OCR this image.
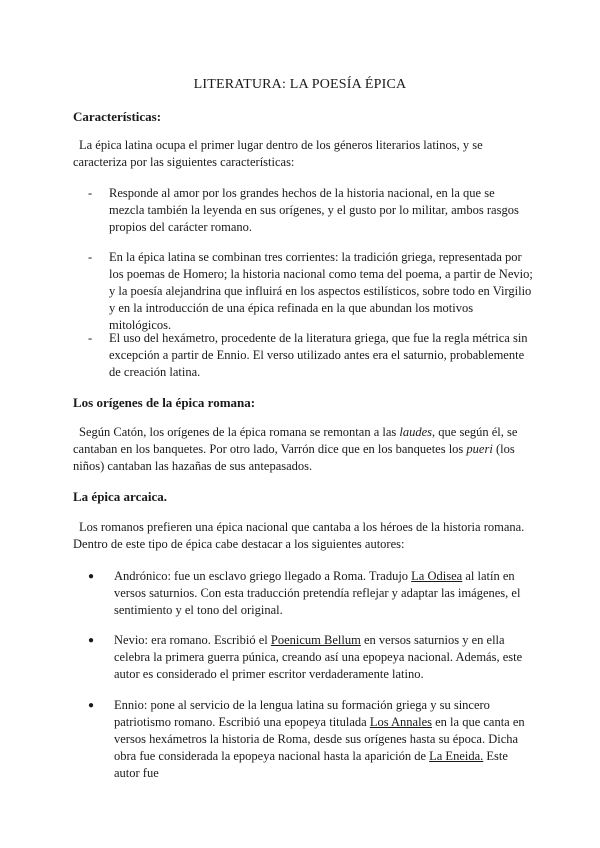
LITERATURA: LA POESÍA ÉPICA
Características:
La épica latina ocupa el primer lugar dentro de los géneros literarios latinos, y se caracteriza por las siguientes características:
- Responde al amor por los grandes hechos de la historia nacional, en la que se mezcla también la leyenda en sus orígenes, y el gusto por lo militar, ambos rasgos propios del carácter romano.
- En la épica latina se combinan tres corrientes: la tradición griega, representada por los poemas de Homero; la historia nacional como tema del poema, a partir de Nevio; y la poesía alejandrina que influirá en los aspectos estilísticos, sobre todo en Virgilio y en la introducción de una épica refinada en la que abundan los motivos mitológicos.
- El uso del hexámetro, procedente de la literatura griega, que fue la regla métrica sin excepción a partir de Ennio. El verso utilizado antes era el saturnio, probablemente de creación latina.
Los orígenes de la épica romana:
Según Catón, los orígenes de la épica romana se remontan a las laudes, que según él, se cantaban en los banquetes. Por otro lado, Varrón dice que en los banquetes los pueri (los niños) cantaban las hazañas de sus antepasados.
La épica arcaica.
Los romanos prefieren una épica nacional que cantaba a los héroes de la historia romana. Dentro de este tipo de épica cabe destacar a los siguientes autores:
● Andrónico: fue un esclavo griego llegado a Roma. Tradujo La Odisea al latín en versos saturnios. Con esta traducción pretendía reflejar y adaptar las imágenes, el sentimiento y el tono del original.
● Nevio: era romano. Escribió el Poenicum Bellum en versos saturnios y en ella celebra la primera guerra púnica, creando así una epopeya nacional. Además, este autor es considerado el primer escritor verdaderamente latino.
● Ennio: pone al servicio de la lengua latina su formación griega y su sincero patriotismo romano. Escribió una epopeya titulada Los Annales en la que canta en versos hexámetros la historia de Roma, desde sus orígenes hasta su época. Dicha obra fue considerada la epopeya nacional hasta la aparición de La Eneida. Este autor fue
